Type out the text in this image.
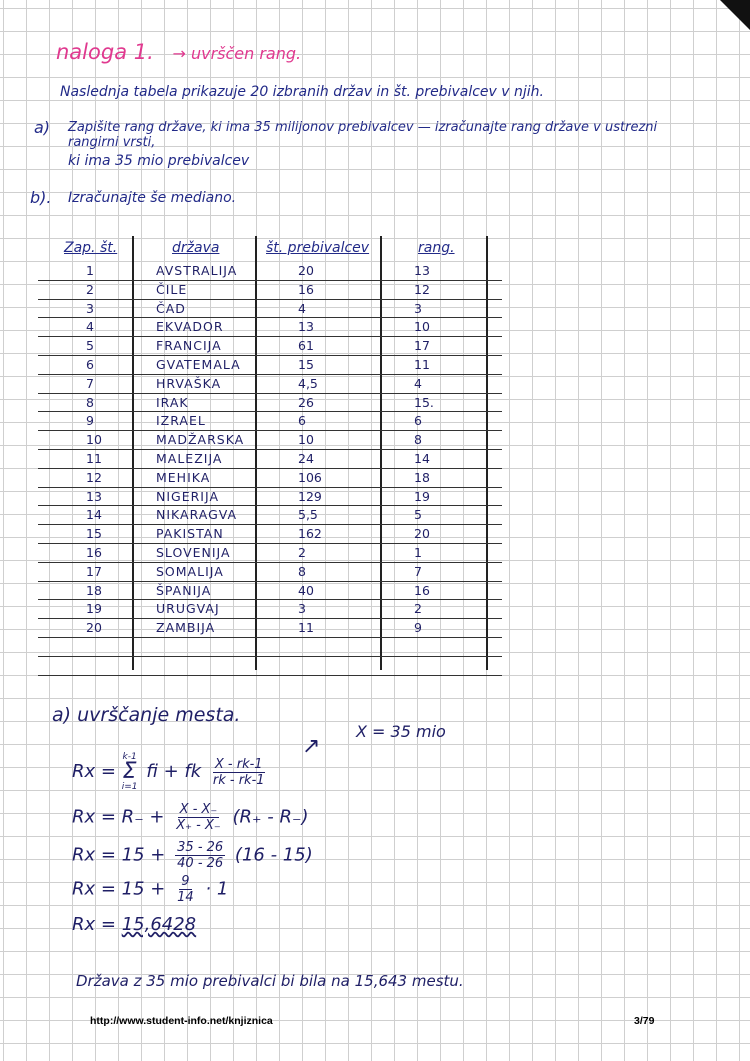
naloga 1. → uvrščen rang.
Naslednja tabela prikazuje 20 izbranih držav in št. prebivalcev v njih.
a) Zapišite rang države, ki ima 35 milijonov prebivalcev — izračunajte rang države v ustrezni rangirni vrsti,
ki ima 35 mio prebivalcev
b). Izračunajte še mediano.
Zap. št.	država	št. prebivalcev	rang.
1	AVSTRALIJA	20	13
2	ČILE	16	12
3	ČAD	4	3
4	EKVADOR	13	10
5	FRANCIJA	61	17
6	GVATEMALA	15	11
7	HRVAŠKA	4,5	4
8	IRAK	26	15.
9	IZRAEL	6	6
10	MADŽARSKA	10	8
11	MALEZIJA	24	14
12	MEHIKA	106	18
13	NIGERIJA	129	19
14	NIKARAGVA	5,5	5
15	PAKISTAN	162	20
16	SLOVENIJA	2	1
17	SOMALIJA	8	7
18	ŠPANIJA	40	16
19	URUGVAJ	3	2
20	ZAMBIJA	11	9
a) uvrščanje mesta.
↗
X = 35 mio
Rx =
k-1
Σ
i=1
fi + fk $\frac{X - rk-1}{rk - rk-1}$
$Rx = R_- + \frac{X - X_-}{X_+ - X_-} (R_+ - R_-)$
$Rx = 15 + \frac{35 - 26}{40 - 26} (16 - 15)$
$Rx = 15 + \frac{9}{14} \cdot 1$
Rx = 15,6428
Država z 35 mio prebivalci bi bila na 15,643 mestu.
http://www.student-info.net/knjiznica	3/79
